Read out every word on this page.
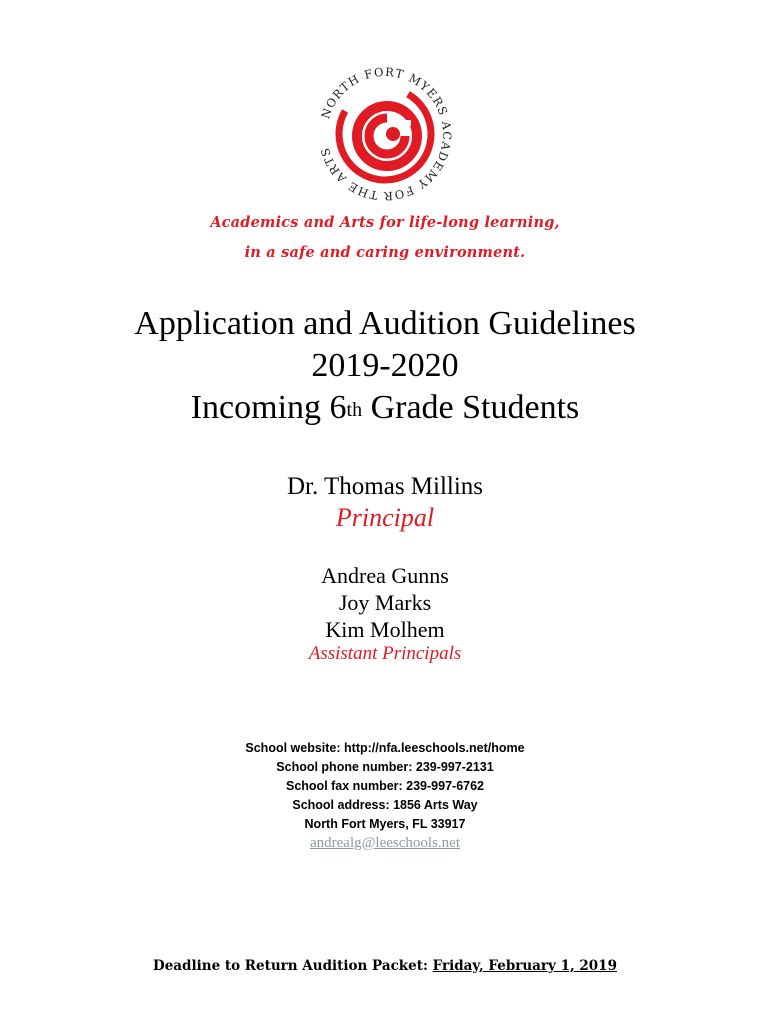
NORTH FORT MYERS ACADEMY FOR THE ARTS
Academics and Arts for life-long learning,
in a safe and caring environment.
Application and Audition Guidelines
2019-2020
Incoming 6th Grade Students
Dr. Thomas Millins
Principal
Andrea Gunns
Joy Marks
Kim Molhem
Assistant Principals
School website: http://nfa.leeschools.net/home
School phone number: 239-997-2131
School fax number: 239-997-6762
School address: 1856 Arts Way
North Fort Myers, FL 33917
andrealg@leeschools.net
Deadline to Return Audition Packet: Friday, February 1, 2019
